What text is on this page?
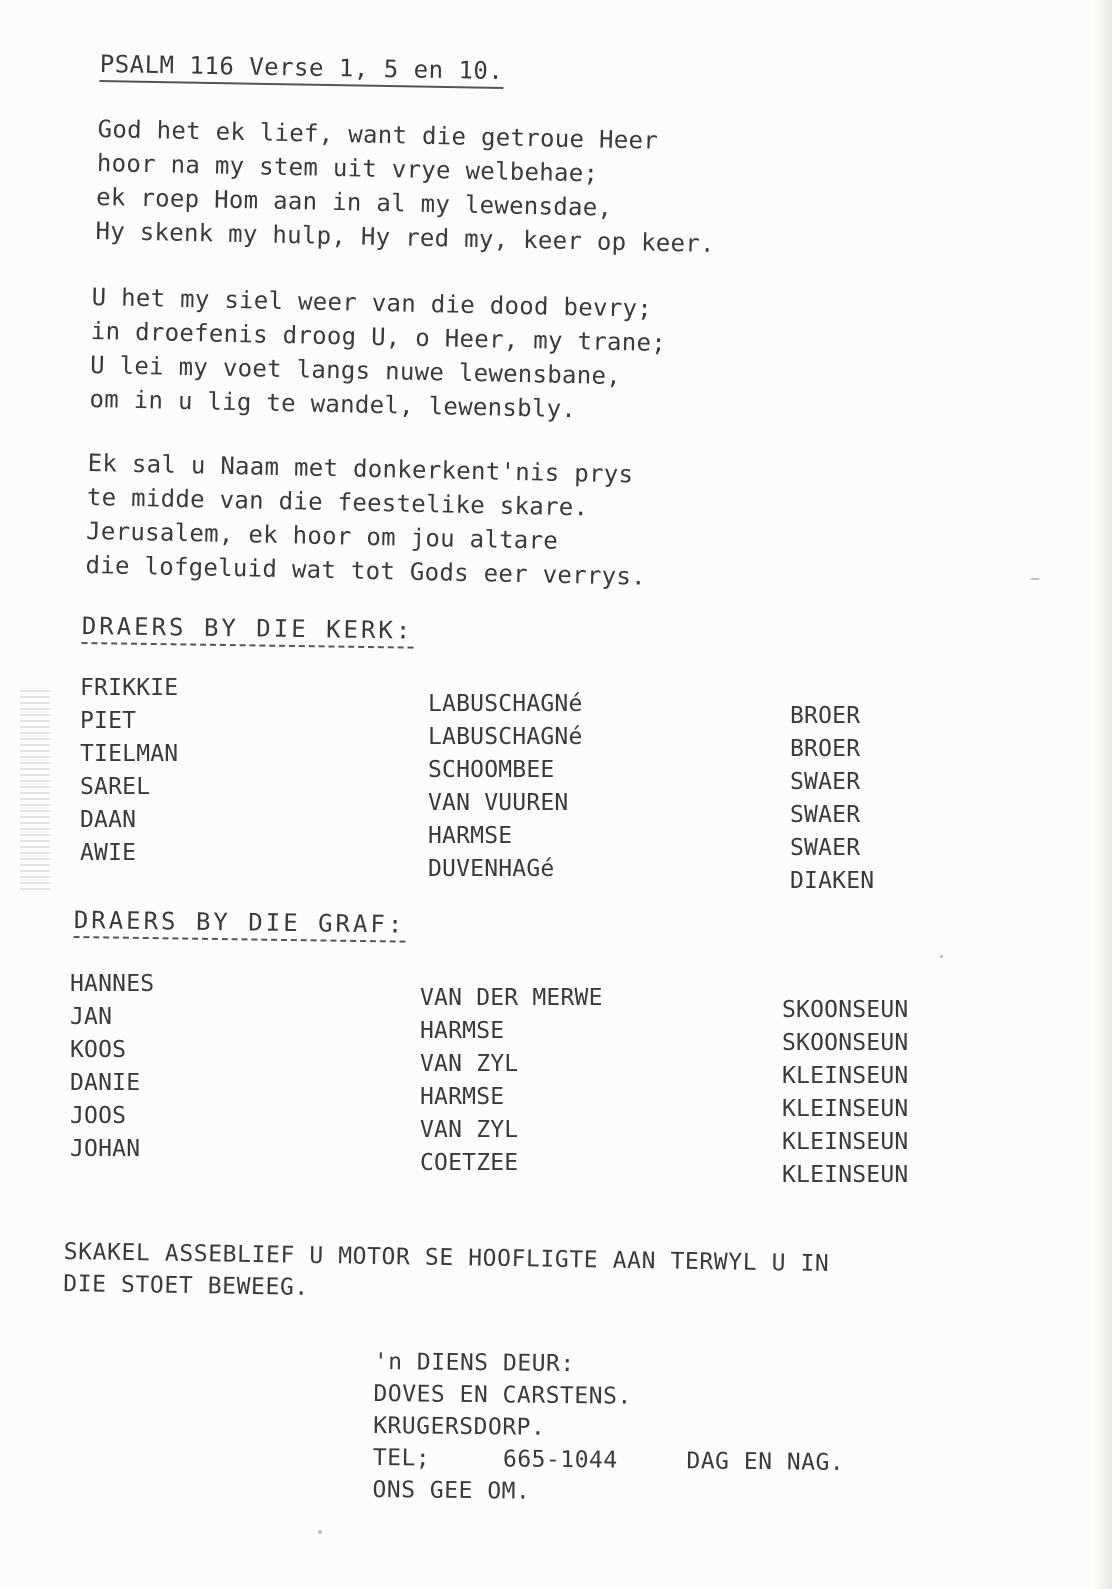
PSALM 116 Verse 1, 5 en 10.
God het ek lief, want die getroue Heer
hoor na my stem uit vrye welbehae;
ek roep Hom aan in al my lewensdae,
Hy skenk my hulp, Hy red my, keer op keer.
U het my siel weer van die dood bevry;
in droefenis droog U, o Heer, my trane;
U lei my voet langs nuwe lewensbane,
om in u lig te wandel, lewensbly.
Ek sal u Naam met donkerkent'nis prys
te midde van die feestelike skare.
Jerusalem, ek hoor om jou altare
die lofgeluid wat tot Gods eer verrys.
DRAERS BY DIE KERK:
FRIKKIE
PIET
TIELMAN
SAREL
DAAN
AWIE
LABUSCHAGNé
LABUSCHAGNé
SCHOOMBEE
VAN VUUREN
HARMSE
DUVENHAGé
BROER
BROER
SWAER
SWAER
SWAER
DIAKEN
DRAERS BY DIE GRAF:
HANNES
JAN
KOOS
DANIE
JOOS
JOHAN
VAN DER MERWE
HARMSE
VAN ZYL
HARMSE
VAN ZYL
COETZEE
SKOONSEUN
SKOONSEUN
KLEINSEUN
KLEINSEUN
KLEINSEUN
KLEINSEUN
SKAKEL ASSEBLIEF U MOTOR SE HOOFLIGTE AAN TERWYL U IN
DIE STOET BEWEEG.
'n DIENS DEUR:
DOVES EN CARSTENS.
KRUGERSDORP.
TEL;	665-1044	DAG EN NAG.
ONS GEE OM.
